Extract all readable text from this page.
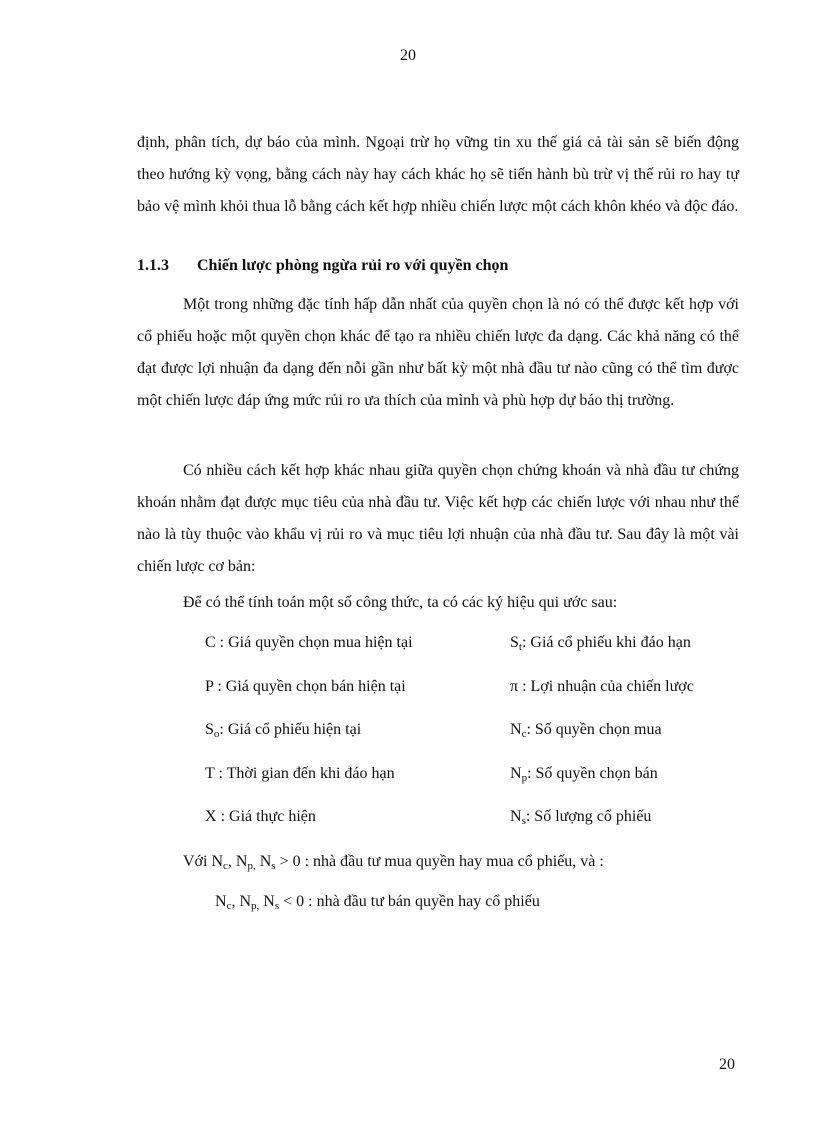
20

định, phân tích, dự báo của mình. Ngoại trừ họ vững tin xu thế giá cả tài sản sẽ biến động theo hướng kỳ vọng, bằng cách này hay cách khác họ sẽ tiến hành bù trừ vị thế rủi ro hay tự bảo vệ mình khỏi thua lỗ bằng cách kết hợp nhiều chiến lược một cách khôn khéo và độc đáo.

1.1.3 Chiến lược phòng ngừa rủi ro với quyền chọn

Một trong những đặc tính hấp dẫn nhất của quyền chọn là nó có thể được kết hợp với cổ phiếu hoặc một quyền chọn khác để tạo ra nhiều chiến lược đa dạng. Các khả năng có thể đạt được lợi nhuận đa dạng đến nỗi gần như bất kỳ một nhà đầu tư nào cũng có thể tìm được một chiến lược đáp ứng mức rủi ro ưa thích của mình và phù hợp dự báo thị trường.

Có nhiều cách kết hợp khác nhau giữa quyền chọn chứng khoán và nhà đầu tư chứng khoán nhằm đạt được mục tiêu của nhà đầu tư. Việc kết hợp các chiến lược với nhau như thế nào là tùy thuộc vào khẩu vị rủi ro và mục tiêu lợi nhuận của nhà đầu tư. Sau đây là một vài chiến lược cơ bản:

Để có thể tính toán một số công thức, ta có các ký hiệu qui ước sau:
C : Giá quyền chọn mua hiện tại	$S_t$: Giá cổ phiếu khi đáo hạn
P : Giá quyền chọn bán hiện tại	π : Lợi nhuận của chiến lược
$S_o$: Giá cổ phiếu hiện tại	$N_c$: Số quyền chọn mua
T : Thời gian đến khi đáo hạn	$N_p$: Số quyền chọn bán
X : Giá thực hiện	$N_s$: Số lượng cổ phiếu
Với $N_c$, $N_{p,}$ $N_s > 0$ : nhà đầu tư mua quyền hay mua cổ phiếu, và :
$N_c$, $N_{p,}$ $N_s < 0$ : nhà đầu tư bán quyền hay cổ phiếu
20
